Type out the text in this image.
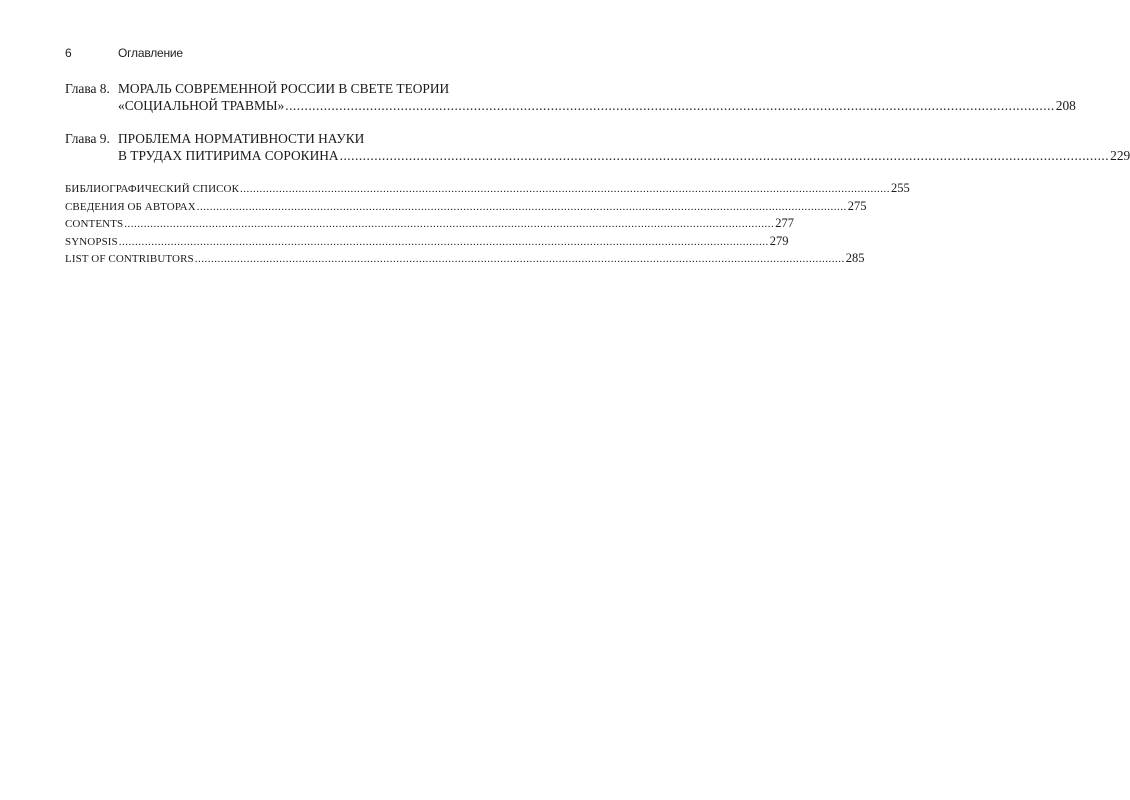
6	Оглавление
Глава 8. МОРАЛЬ СОВРЕМЕННОЙ РОССИИ В СВЕТЕ ТЕОРИИ
«СОЦИАЛЬНОЙ ТРАВМЫ» .....	208
Глава 9. ПРОБЛЕМА НОРМАТИВНОСТИ НАУКИ
В ТРУДАХ ПИТИРИМА СОРОКИНА .....	229
БИБЛИОГРАФИЧЕСКИЙ СПИСОК .....	255
СВЕДЕНИЯ ОБ АВТОРАХ .....	275
CONTENTS .....	277
SYNOPSIS .....	279
LIST OF CONTRIBUTORS .....	285
